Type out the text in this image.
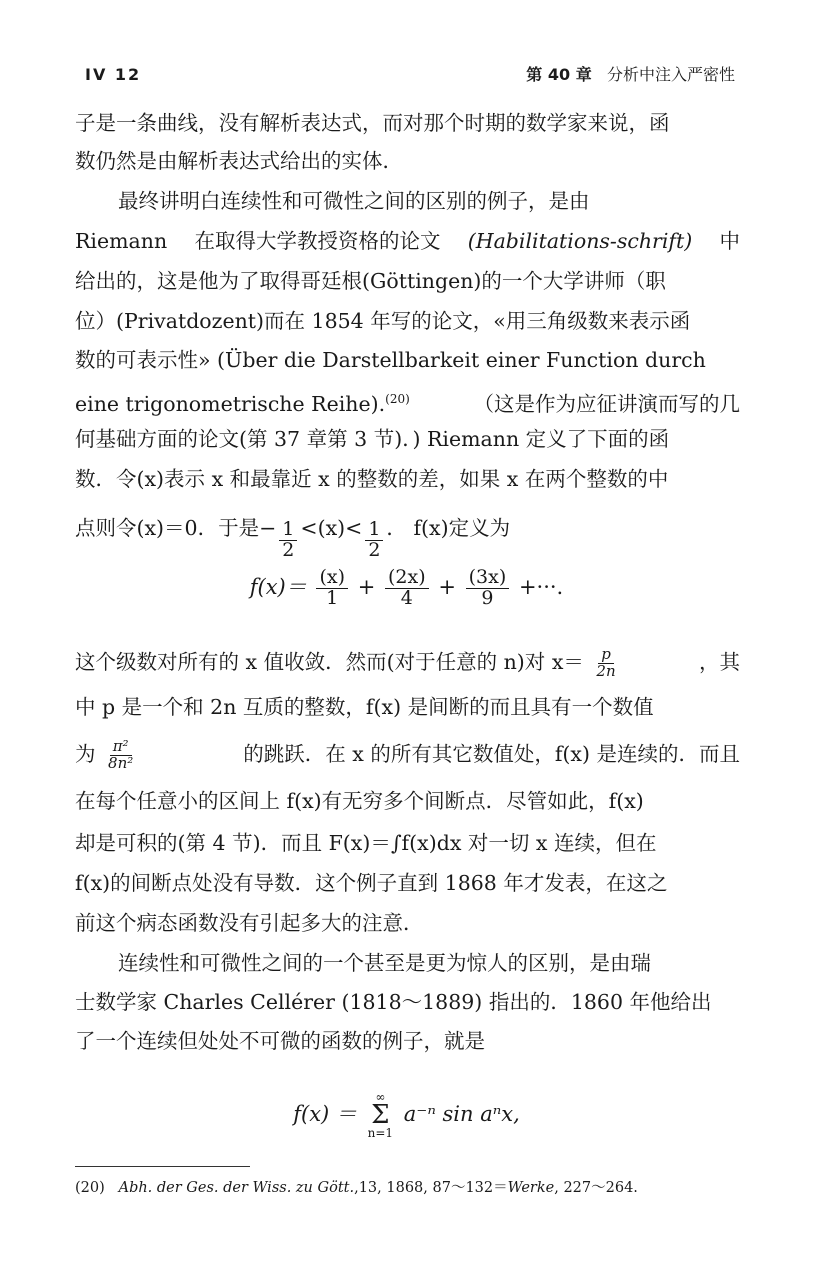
IV 12	第 40 章 分析中注入严密性
子是一条曲线，没有解析表达式，而对那个时期的数学家来说，函
数仍然是由解析表达式给出的实体．
最终讲明白连续性和可微性之间的区别的例子，是由
Riemann 在取得大学教授资格的论文 (Habilitations-schrift) 中
给出的，这是他为了取得哥廷根(Göttingen)的一个大学讲师（职
位）(Privatdozent)而在 1854 年写的论文，«用三角级数来表示函
数的可表示性» (Über die Darstellbarkeit einer Function durch
eine trigonometrische Reihe).$^{(20)}$	（这是作为应征讲演而写的几
何基础方面的论文(第 37 章第 3 节)．) Riemann 定义了下面的函
数．令(x)表示 x 和最靠近 x 的整数的差，如果 x 在两个整数的中
点则令(x)＝0．于是 − $\frac{1}{2} <(x)< \frac{1}{2}$ ．
f(x)定义为
$f(x)= \frac{(x)}{1} + \frac{(2x)}{4} + \frac{(3x)}{9}$ +···.
这个级数对所有的 x 值收敛．然而(对于任意的 n)对 $x= \frac{p}{2n}$	，其
中 p 是一个和 2n 互质的整数，f(x) 是间断的而且具有一个数值
为 $\frac{\text{π²}}{\text{8n²}}$	的跳跃．在 x 的所有其它数值处，f(x) 是连续的．而且
在每个任意小的区间上 f(x)有无穷多个间断点．尽管如此，f(x)
却是可积的(第 4 节)．而且 F(x)＝∫f(x)dx 对一切 x 连续，但在
f(x)的间断点处没有导数．这个例子直到 1868 年才发表，在这之
前这个病态函数没有引起多大的注意．
连续性和可微性之间的一个甚至是更为惊人的区别，是由瑞
士数学家 Charles Cellérer (1818～1889) 指出的．1860 年他给出
了一个连续但处处不可微的函数的例子，就是
f(x) ＝
∞
Σ
n=1
a⁻ⁿ sin aⁿx,
(20) Abh. der Ges. der Wiss. zu Gött.,13, 1868, 87～132＝Werke, 227～264.
